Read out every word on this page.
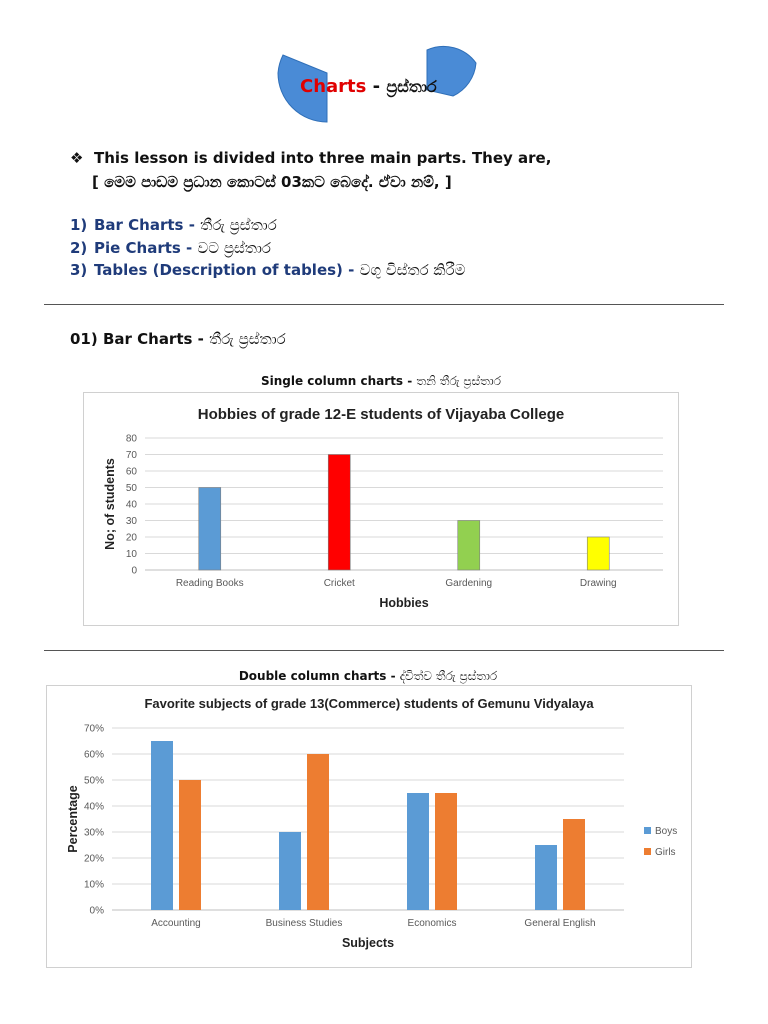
Charts - ප්‍රස්තාර
❖ This lesson is divided into three main parts. They are,
[ මෙම පාඩම ප්‍රධාන කොටස් 03කට බෙදේ. ඒවා නම්, ]
1) Bar Charts - තීරු ප්‍රස්තාර
2) Pie Charts - වට ප්‍රස්තාර
3) Tables (Description of tables) - වගු විස්තර කිරීම
01) Bar Charts - තීරු ප්‍රස්තාර
Single column charts - තනි තීරු ප්‍රස්තාර
Hobbies of grade 12-E students of Vijayaba College
0
10
20
30
40
50
60
70
80
Reading Books	Cricket	Gardening	Drawing
Hobbies
No; of students
Double column charts - ද්විත්ව තීරු ප්‍රස්තාර
Favorite subjects of grade 13(Commerce) students of Gemunu Vidyalaya
0%
10%
20%
30%
40%
50%
60%
70%
Accounting	Business Studies	Economics	General English
Subjects
Percentage	Boys
Girls
